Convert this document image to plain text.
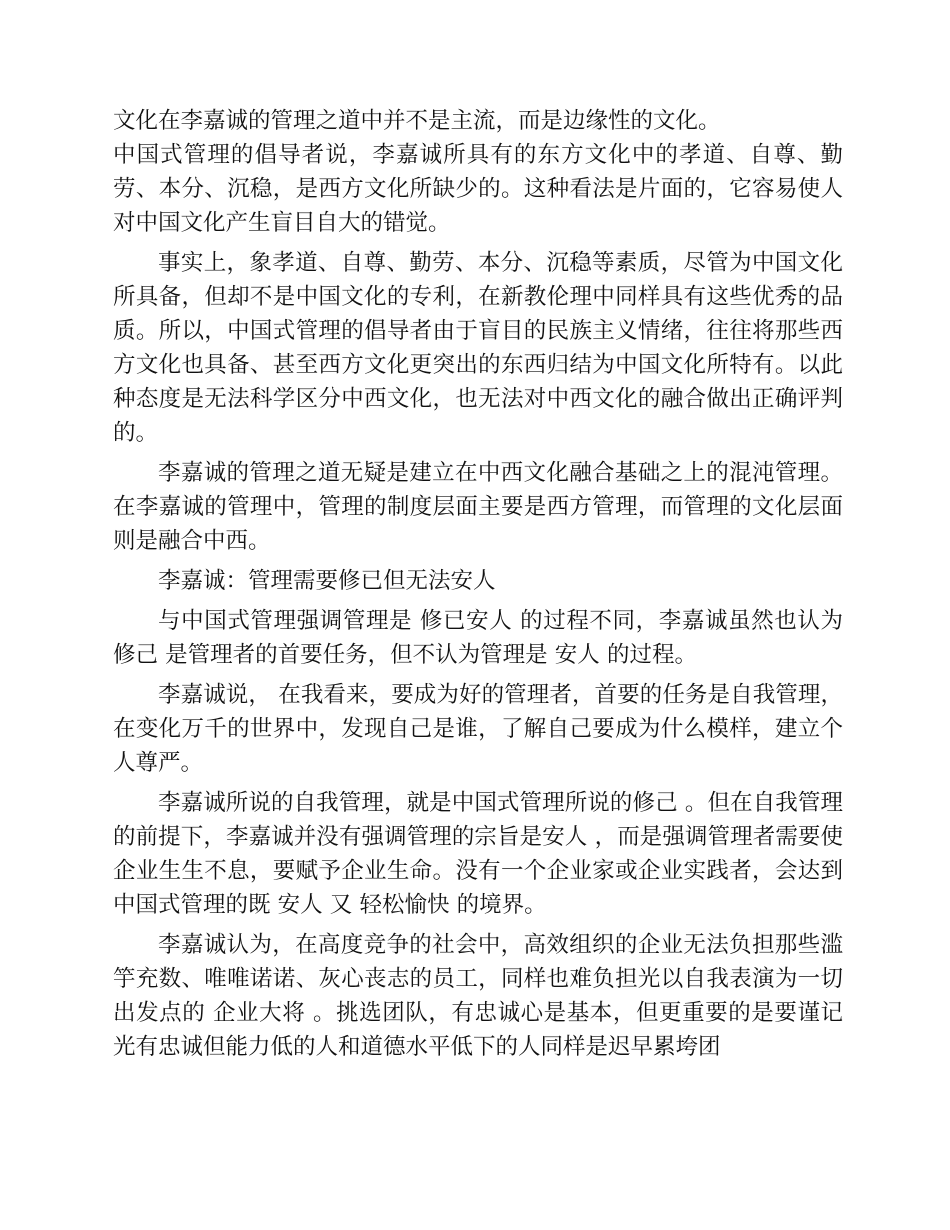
文化在李嘉诚的管理之道中并不是主流，而是边缘性的文化。

中国式管理的倡导者说，李嘉诚所具有的东方文化中的孝道、自尊、勤劳、本分、沉稳，是西方文化所缺少的。这种看法是片面的，它容易使人对中国文化产生盲目自大的错觉。

事实上，象孝道、自尊、勤劳、本分、沉稳等素质，尽管为中国文化所具备，但却不是中国文化的专利，在新教伦理中同样具有这些优秀的品质。所以，中国式管理的倡导者由于盲目的民族主义情绪，往往将那些西方文化也具备、甚至西方文化更突出的东西归结为中国文化所特有。以此种态度是无法科学区分中西文化，也无法对中西文化的融合做出正确评判的。

李嘉诚的管理之道无疑是建立在中西文化融合基础之上的混沌管理。在李嘉诚的管理中，管理的制度层面主要是西方管理，而管理的文化层面则是融合中西。

李嘉诚：管理需要修已但无法安人

与中国式管理强调管理是 修已安人 的过程不同，李嘉诚虽然也认为 修己 是管理者的首要任务，但不认为管理是 安人 的过程。

李嘉诚说， 在我看来，要成为好的管理者，首要的任务是自我管理，在变化万千的世界中，发现自己是谁，了解自己要成为什么模样，建立个人尊严。

李嘉诚所说的自我管理，就是中国式管理所说的修己 。但在自我管理的前提下，李嘉诚并没有强调管理的宗旨是安人 ，而是强调管理者需要使企业生生不息，要赋予企业生命。没有一个企业家或企业实践者，会达到中国式管理的既 安人 又 轻松愉快 的境界。

李嘉诚认为，在高度竞争的社会中，高效组织的企业无法负担那些滥竽充数、唯唯诺诺、灰心丧志的员工，同样也难负担光以自我表演为一切出发点的 企业大将 。挑选团队，有忠诚心是基本，但更重要的是要谨记光有忠诚但能力低的人和道德水平低下的人同样是迟早累垮团
